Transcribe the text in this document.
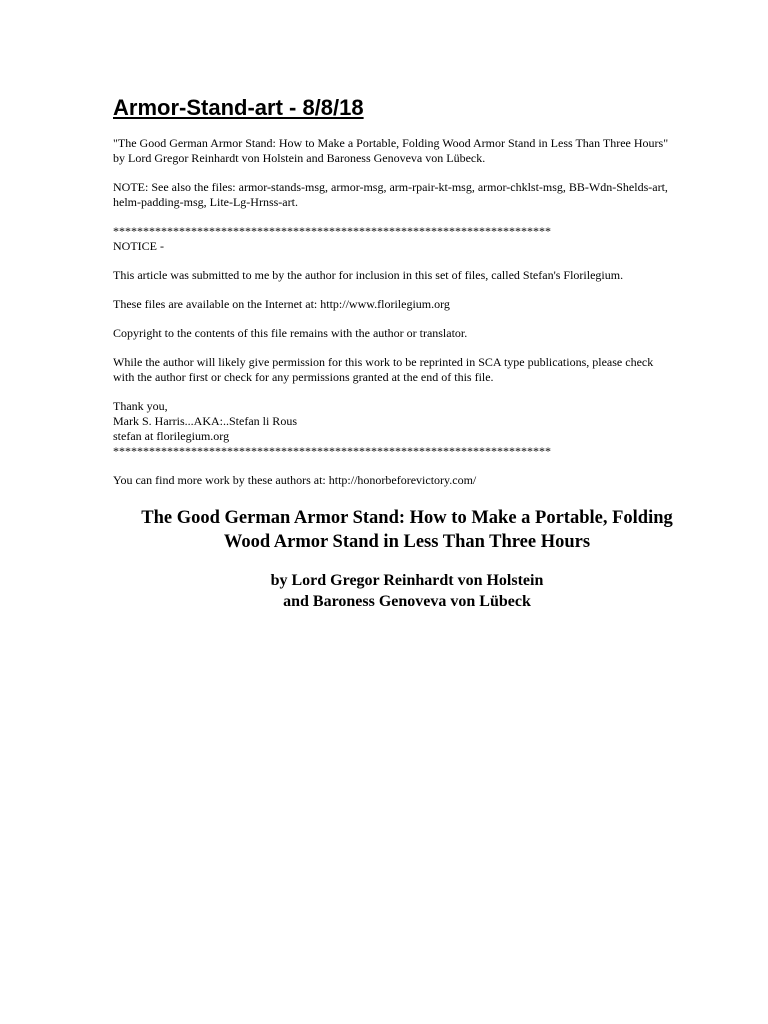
Armor-Stand-art - 8/8/18
"The Good German Armor Stand: How to Make a Portable, Folding Wood Armor Stand in Less Than Three Hours"
by Lord Gregor Reinhardt von Holstein and Baroness Genoveva von Lübeck.
NOTE: See also the files: armor-stands-msg, armor-msg, arm-rpair-kt-msg, armor-chklst-msg, BB-Wdn-Shelds-art,
helm-padding-msg, Lite-Lg-Hrnss-art.
*************************************************************************
NOTICE -
This article was submitted to me by the author for inclusion in this set of files, called Stefan's Florilegium.
These files are available on the Internet at: http://www.florilegium.org
Copyright to the contents of this file remains with the author or translator.
While the author will likely give permission for this work to be reprinted in SCA type publications, please check
with the author first or check for any permissions granted at the end of this file.
Thank you,
Mark S. Harris...AKA:..Stefan li Rous
stefan at florilegium.org
*************************************************************************
You can find more work by these authors at: http://honorbeforevictory.com/
The Good German Armor Stand: How to Make a Portable, Folding
Wood Armor Stand in Less Than Three Hours
by Lord Gregor Reinhardt von Holstein
and Baroness Genoveva von Lübeck
